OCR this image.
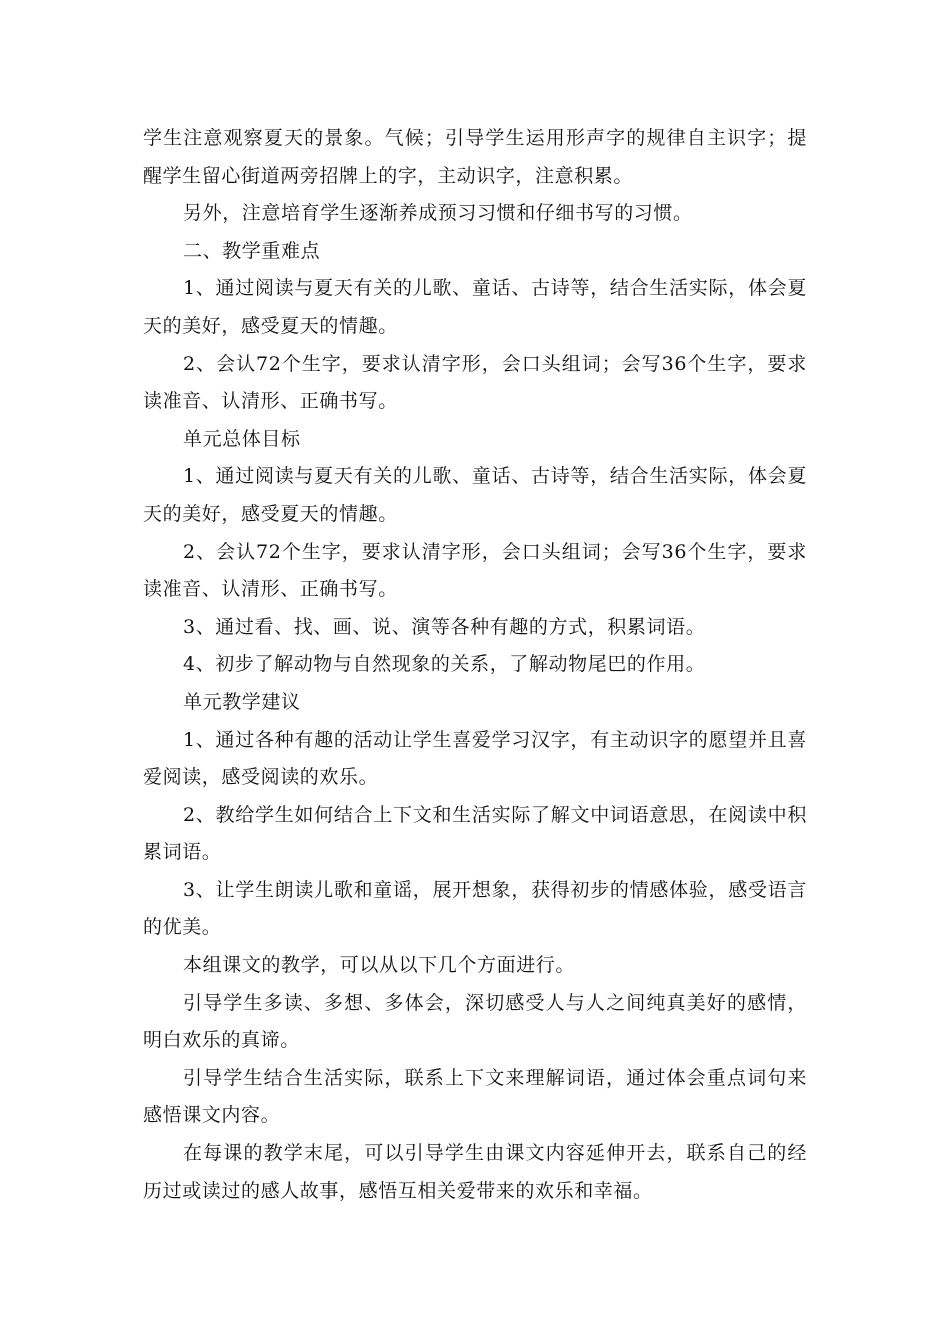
学生注意观察夏天的景象。气候；引导学生运用形声字的规律自主识字；提醒学生留心街道两旁招牌上的字，主动识字，注意积累。

另外，注意培育学生逐渐养成预习习惯和仔细书写的习惯。

二、教学重难点

1、通过阅读与夏天有关的儿歌、童话、古诗等，结合生活实际，体会夏天的美好，感受夏天的情趣。

2、会认72个生字，要求认清字形，会口头组词；会写36个生字，要求读准音、认清形、正确书写。

单元总体目标

1、通过阅读与夏天有关的儿歌、童话、古诗等，结合生活实际，体会夏天的美好，感受夏天的情趣。

2、会认72个生字，要求认清字形，会口头组词；会写36个生字，要求读准音、认清形、正确书写。

3、通过看、找、画、说、演等各种有趣的方式，积累词语。

4、初步了解动物与自然现象的关系，了解动物尾巴的作用。

单元教学建议

1、通过各种有趣的活动让学生喜爱学习汉字，有主动识字的愿望并且喜爱阅读，感受阅读的欢乐。

2、教给学生如何结合上下文和生活实际了解文中词语意思，在阅读中积累词语。

3、让学生朗读儿歌和童谣，展开想象，获得初步的情感体验，感受语言的优美。

本组课文的教学，可以从以下几个方面进行。

引导学生多读、多想、多体会，深切感受人与人之间纯真美好的感情，明白欢乐的真谛。

引导学生结合生活实际，联系上下文来理解词语，通过体会重点词句来感悟课文内容。

在每课的教学末尾，可以引导学生由课文内容延伸开去，联系自己的经历过或读过的感人故事，感悟互相关爱带来的欢乐和幸福。
